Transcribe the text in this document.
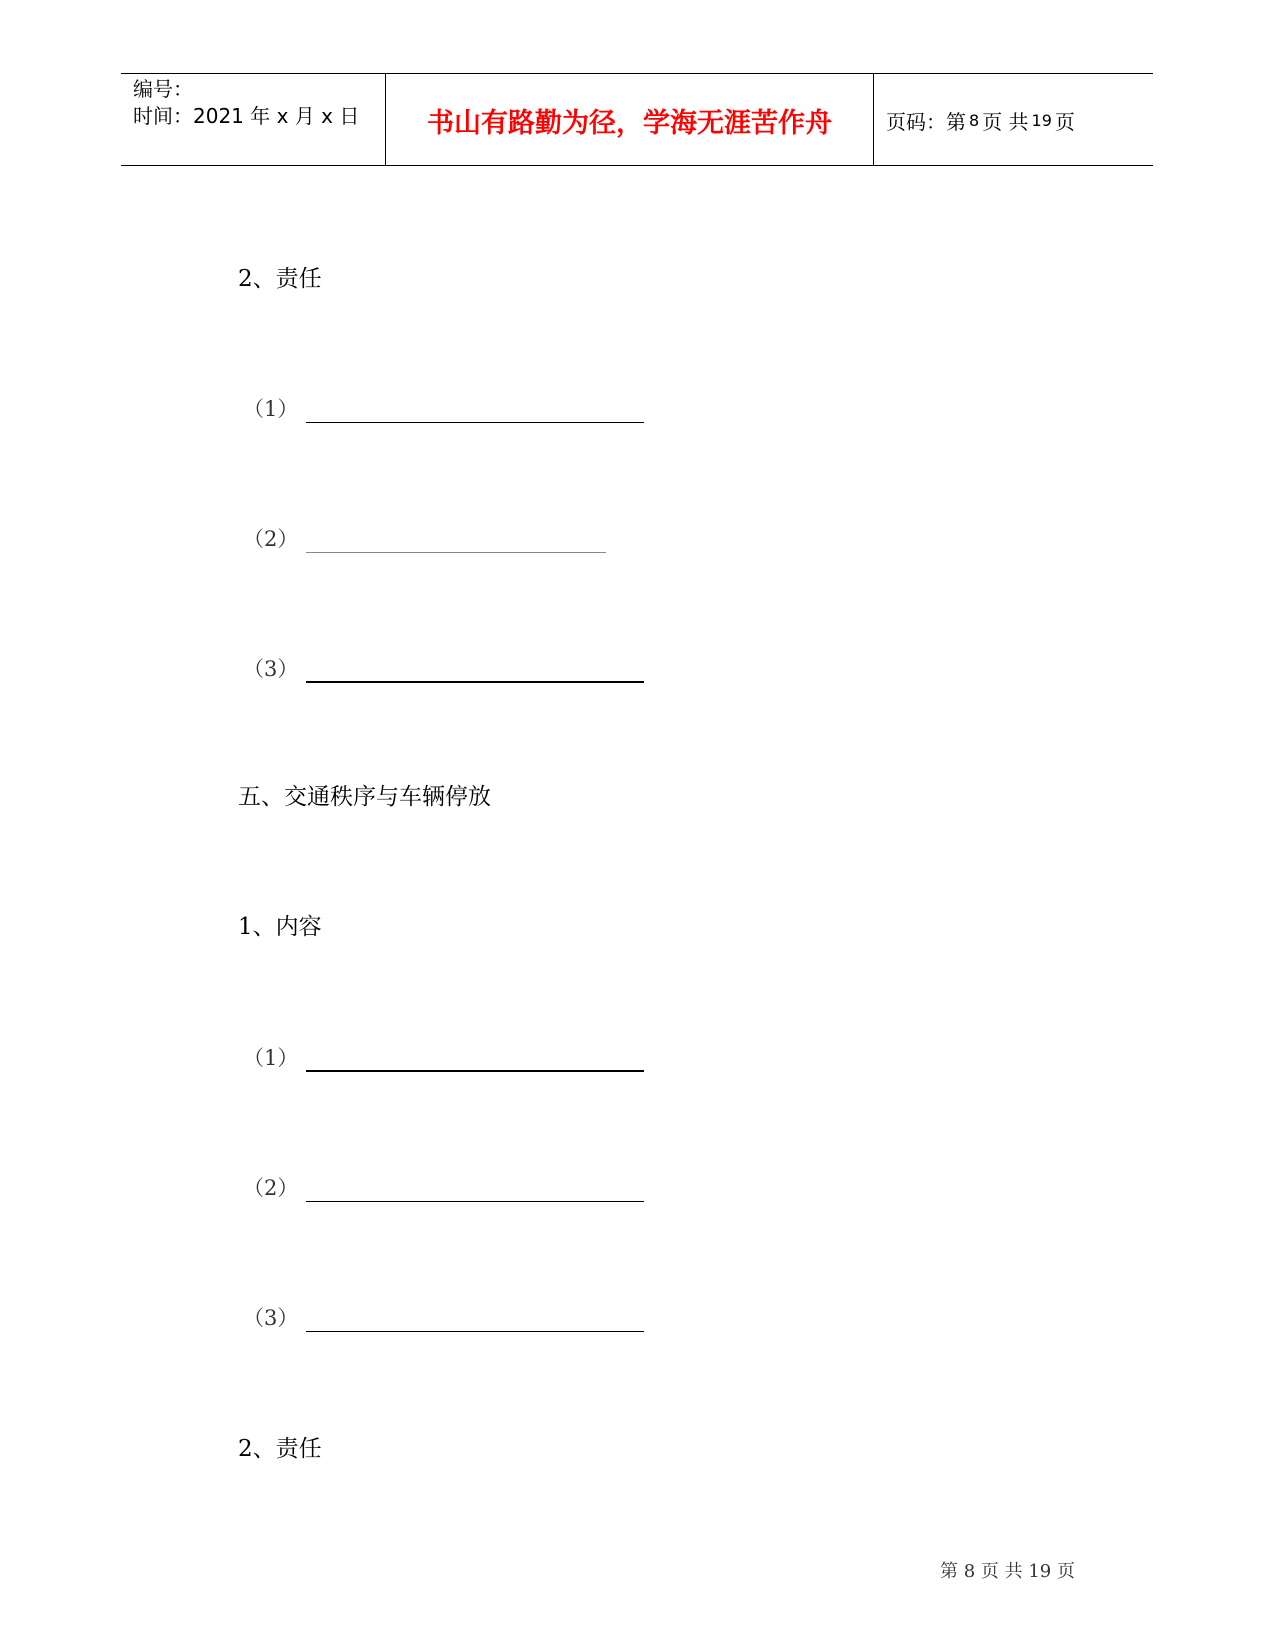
编号：
时间：2021 年 x 月 x 日	书山有路勤为径，学海无涯苦作舟	页码：第 8 页 共 19 页
2、责任
（1）
（2）
（3）
五、交通秩序与车辆停放
1、内容
（1）
（2）
（3）
2、责任
第 8 页 共 19 页
